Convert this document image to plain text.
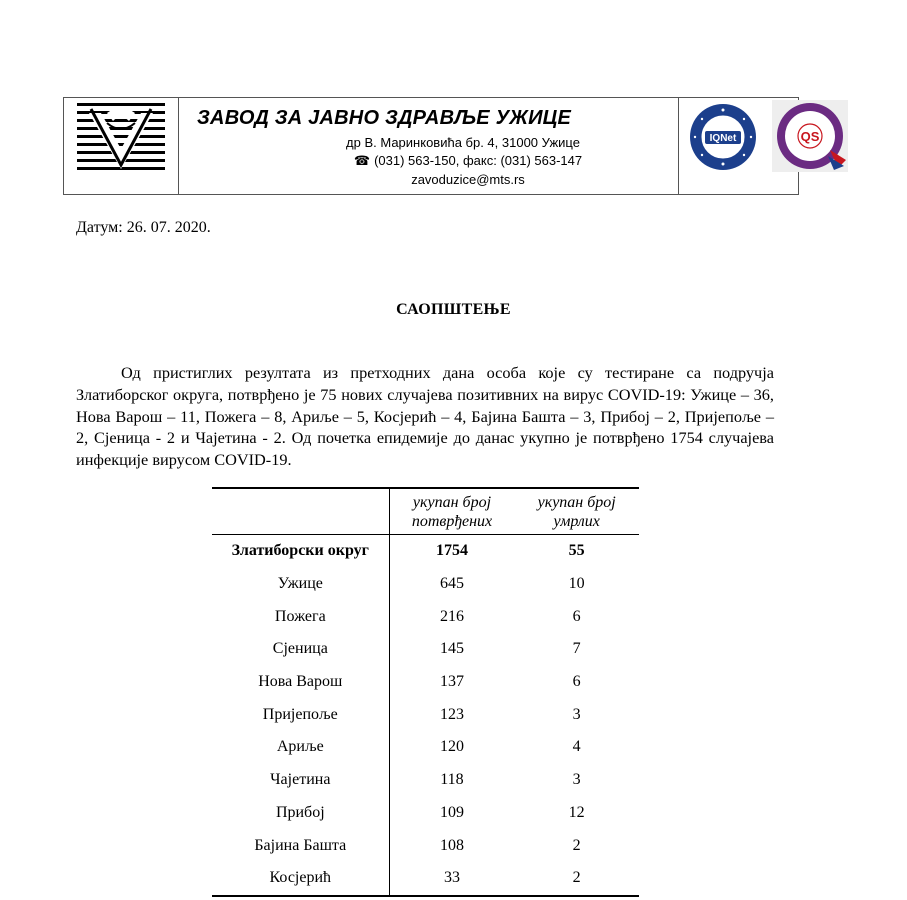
ЗАВОД ЗА ЈАВНО ЗДРАВЉЕ УЖИЦЕ
др В. Маринковића бр. 4, 31000 Ужице
☎ (031) 563-150, факс: (031) 563-147
zavoduzice@mts.rs
IQNet	QS
Датум: 26. 07. 2020.
САОПШТЕЊЕ

Од пристиглих резултата из претходних дана особа које су тестиране са подручја Златиборског округа, потврђено је 75 нових случајева позитивних на вирус COVID-19: Ужице – 36, Нова Варош – 11, Пожега – 8, Ариље – 5, Косјерић – 4, Бајина Башта – 3, Прибој – 2, Пријепоље – 2, Сјеница - 2 и Чајетина - 2. Од почетка епидемије до данас укупно је потврђено 1754 случајева инфекције вирусом COVID-19.

	укупан број потврђених	укупан број умрлих
Златиборски округ	1754	55
Ужице	645	10
Пожега	216	6
Сјеница	145	7
Нова Варош	137	6
Пријепоље	123	3
Ариље	120	4
Чајетина	118	3
Прибој	109	12
Бајина Башта	108	2
Косјерић	33	2
